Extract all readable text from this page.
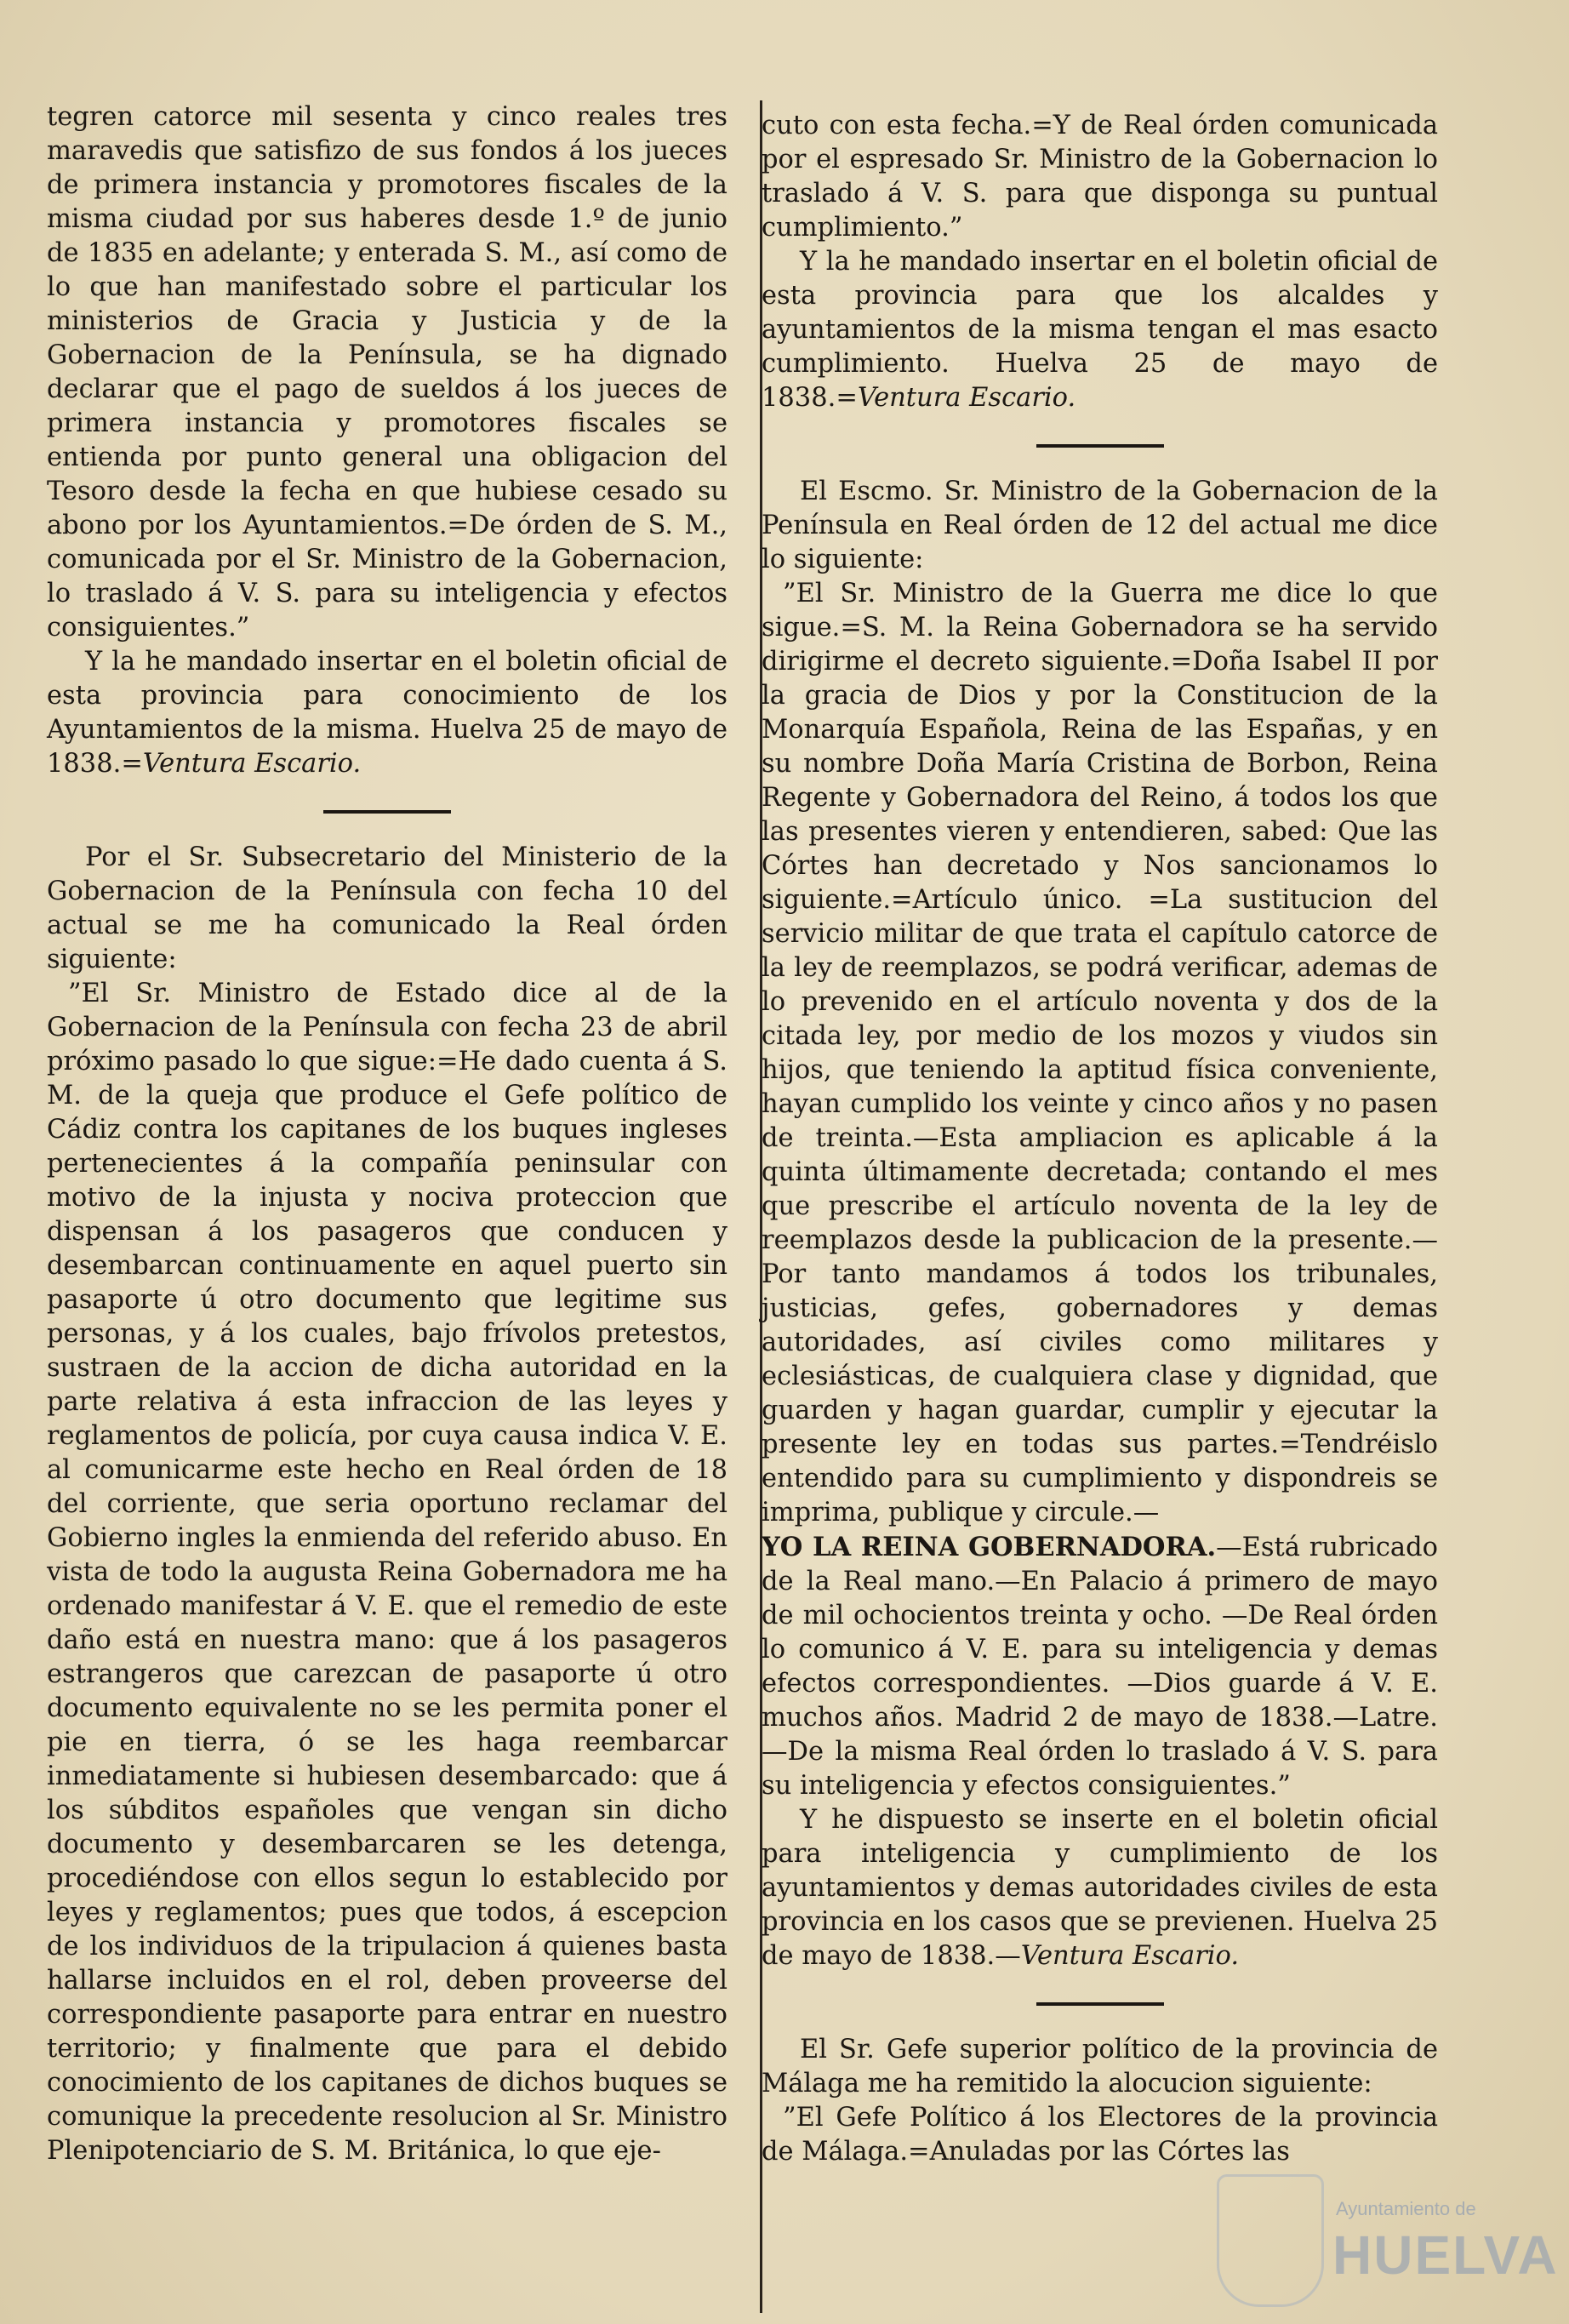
tegren catorce mil sesenta y cinco reales tres maravedis que satisfizo de sus fondos á los jueces de primera instancia y promotores fiscales de la misma ciudad por sus haberes desde 1.º de junio de 1835 en adelante; y enterada S. M., así como de lo que han manifestado sobre el particular los ministerios de Gracia y Justicia y de la Gobernacion de la Península, se ha dignado declarar que el pago de sueldos á los jueces de primera instancia y promotores fiscales se entienda por punto general una obligacion del Tesoro desde la fecha en que hubiese cesado su abono por los Ayuntamientos.=De órden de S. M., comunicada por el Sr. Ministro de la Gobernacion, lo traslado á V. S. para su inteligencia y efectos consiguientes.”

Y la he mandado insertar en el boletin oficial de esta provincia para conocimiento de los Ayuntamientos de la misma. Huelva 25 de mayo de 1838.=Ventura Escario.

Por el Sr. Subsecretario del Ministerio de la Gobernacion de la Península con fecha 10 del actual se me ha comunicado la Real órden siguiente:

”El Sr. Ministro de Estado dice al de la Gobernacion de la Península con fecha 23 de abril próximo pasado lo que sigue:=He dado cuenta á S. M. de la queja que produce el Gefe político de Cádiz contra los capitanes de los buques ingleses pertenecientes á la compañía peninsular con motivo de la injusta y nociva proteccion que dispensan á los pasageros que conducen y desembarcan continuamente en aquel puerto sin pasaporte ú otro documento que legitime sus personas, y á los cuales, bajo frívolos pretestos, sustraen de la accion de dicha autoridad en la parte relativa á esta infraccion de las leyes y reglamentos de policía, por cuya causa indica V. E. al comunicarme este hecho en Real órden de 18 del corriente, que seria oportuno reclamar del Gobierno ingles la enmienda del referido abuso. En vista de todo la augusta Reina Gobernadora me ha ordenado manifestar á V. E. que el remedio de este daño está en nuestra mano: que á los pasageros estrangeros que carezcan de pasaporte ú otro documento equivalente no se les permita poner el pie en tierra, ó se les haga reembarcar inmediatamente si hubiesen desembarcado: que á los súbditos españoles que vengan sin dicho documento y desembarcaren se les detenga, procediéndose con ellos segun lo establecido por leyes y reglamentos; pues que todos, á escepcion de los individuos de la tripulacion á quienes basta hallarse incluidos en el rol, deben proveerse del correspondiente pasaporte para entrar en nuestro territorio; y finalmente que para el debido conocimiento de los capitanes de dichos buques se comunique la precedente resolucion al Sr. Ministro Plenipotenciario de S. M. Británica, lo que eje-

cuto con esta fecha.=Y de Real órden comunicada por el espresado Sr. Ministro de la Gobernacion lo traslado á V. S. para que disponga su puntual cumplimiento.”

Y la he mandado insertar en el boletin oficial de esta provincia para que los alcaldes y ayuntamientos de la misma tengan el mas esacto cumplimiento. Huelva 25 de mayo de 1838.=Ventura Escario.

El Escmo. Sr. Ministro de la Gobernacion de la Península en Real órden de 12 del actual me dice lo siguiente:

”El Sr. Ministro de la Guerra me dice lo que sigue.=S. M. la Reina Gobernadora se ha servido dirigirme el decreto siguiente.=Doña Isabel II por la gracia de Dios y por la Constitucion de la Monarquía Española, Reina de las Españas, y en su nombre Doña María Cristina de Borbon, Reina Regente y Gobernadora del Reino, á todos los que las presentes vieren y entendieren, sabed: Que las Córtes han decretado y Nos sancionamos lo siguiente.=Artículo único. =La sustitucion del servicio militar de que trata el capítulo catorce de la ley de reemplazos, se podrá verificar, ademas de lo prevenido en el artículo noventa y dos de la citada ley, por medio de los mozos y viudos sin hijos, que teniendo la aptitud física conveniente, hayan cumplido los veinte y cinco años y no pasen de treinta.—Esta ampliacion es aplicable á la quinta últimamente decretada; contando el mes que prescribe el artículo noventa de la ley de reemplazos desde la publicacion de la presente.—Por tanto mandamos á todos los tribunales, justicias, gefes, gobernadores y demas autoridades, así civiles como militares y eclesiásticas, de cualquiera clase y dignidad, que guarden y hagan guardar, cumplir y ejecutar la presente ley en todas sus partes.=Tendréislo entendido para su cumplimiento y dispondreis se imprima, publique y circule.—

YO LA REINA GOBERNADORA.—Está rubricado de la Real mano.—En Palacio á primero de mayo de mil ochocientos treinta y ocho. —De Real órden lo comunico á V. E. para su inteligencia y demas efectos correspondientes. —Dios guarde á V. E. muchos años. Madrid 2 de mayo de 1838.—Latre.—De la misma Real órden lo traslado á V. S. para su inteligencia y efectos consiguientes.”

Y he dispuesto se inserte en el boletin oficial para inteligencia y cumplimiento de los ayuntamientos y demas autoridades civiles de esta provincia en los casos que se previenen. Huelva 25 de mayo de 1838.—Ventura Escario.

El Sr. Gefe superior político de la provincia de Málaga me ha remitido la alocucion siguiente:

”El Gefe Político á los Electores de la provincia de Málaga.=Anuladas por las Córtes las

Ayuntamiento de
HUELVA
